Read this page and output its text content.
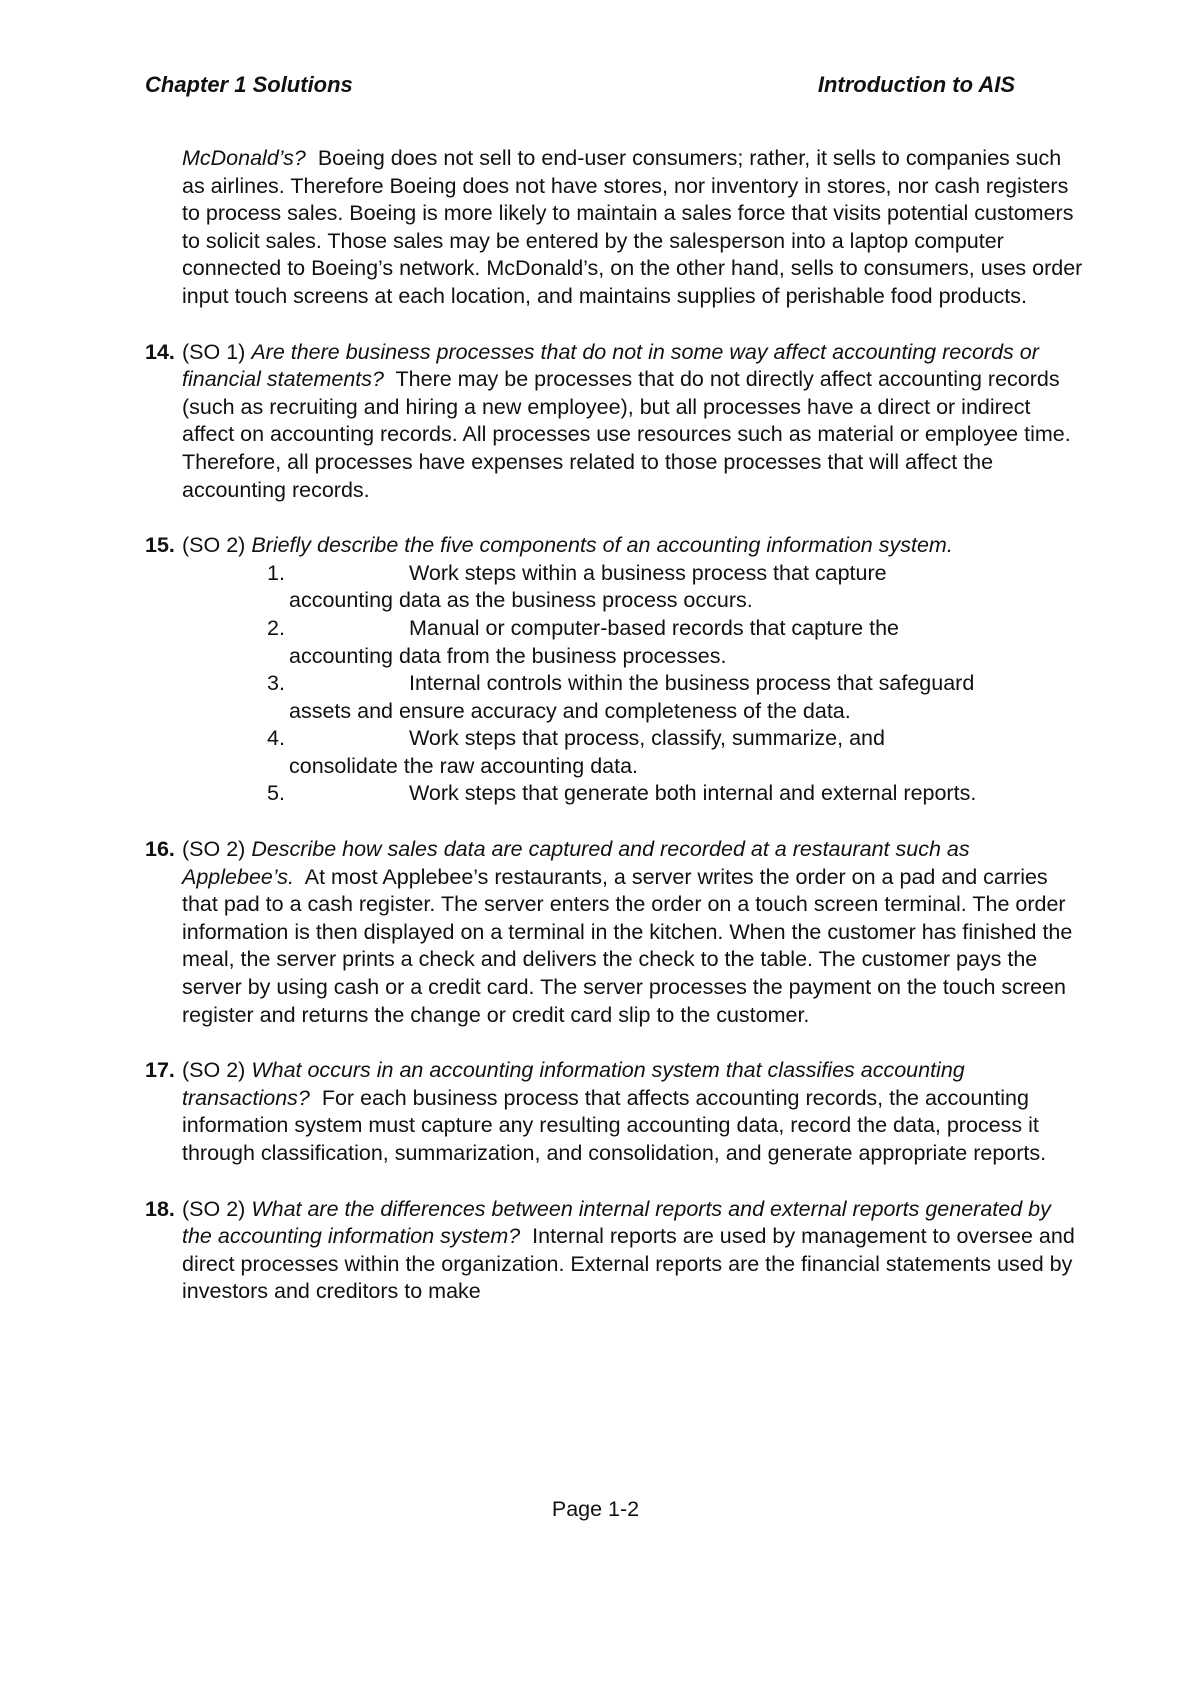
Chapter 1 Solutions	Introduction to AIS
McDonald’s? Boeing does not sell to end-user consumers; rather, it sells to companies such as airlines. Therefore Boeing does not have stores, nor inventory in stores, nor cash registers to process sales. Boeing is more likely to maintain a sales force that visits potential customers to solicit sales. Those sales may be entered by the salesperson into a laptop computer connected to Boeing’s network. McDonald’s, on the other hand, sells to consumers, uses order input touch screens at each location, and maintains supplies of perishable food products.
14. (SO 1) Are there business processes that do not in some way affect accounting records or financial statements? There may be processes that do not directly affect accounting records (such as recruiting and hiring a new employee), but all processes have a direct or indirect affect on accounting records. All processes use resources such as material or employee time. Therefore, all processes have expenses related to those processes that will affect the accounting records.
15. (SO 2) Briefly describe the five components of an accounting information system.
1.	Work steps within a business process that capture
accounting data as the business process occurs.
2.	Manual or computer-based records that capture the
accounting data from the business processes.
3.	Internal controls within the business process that safeguard
assets and ensure accuracy and completeness of the data.
4.	Work steps that process, classify, summarize, and
consolidate the raw accounting data.
5.	Work steps that generate both internal and external reports.
16. (SO 2) Describe how sales data are captured and recorded at a restaurant such as Applebee’s. At most Applebee’s restaurants, a server writes the order on a pad and carries that pad to a cash register. The server enters the order on a touch screen terminal. The order information is then displayed on a terminal in the kitchen. When the customer has finished the meal, the server prints a check and delivers the check to the table. The customer pays the server by using cash or a credit card. The server processes the payment on the touch screen register and returns the change or credit card slip to the customer.
17. (SO 2) What occurs in an accounting information system that classifies accounting transactions? For each business process that affects accounting records, the accounting information system must capture any resulting accounting data, record the data, process it through classification, summarization, and consolidation, and generate appropriate reports.
18. (SO 2) What are the differences between internal reports and external reports generated by the accounting information system? Internal reports are used by management to oversee and direct processes within the organization. External reports are the financial statements used by investors and creditors to make
Page 1-2
